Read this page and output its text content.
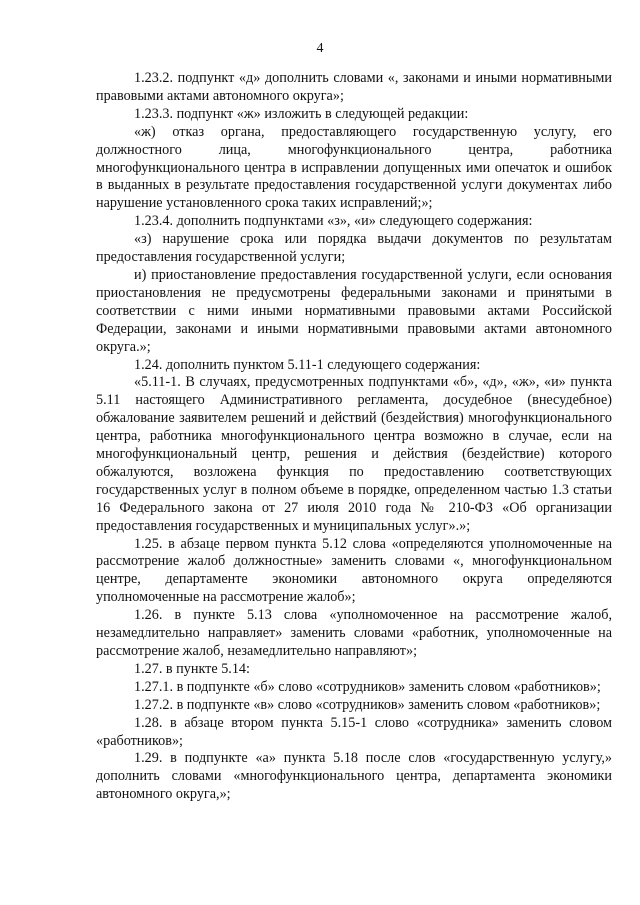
4

1.23.2. подпункт «д» дополнить словами «, законами и иными нормативными правовыми актами автономного округа»;

1.23.3. подпункт «ж» изложить в следующей редакции:

«ж) отказ органа, предоставляющего государственную услугу, его должностного лица, многофункционального центра, работника многофункционального центра в исправлении допущенных ими опечаток и ошибок в выданных в результате предоставления государственной услуги документах либо нарушение установленного срока таких исправлений;»;

1.23.4. дополнить подпунктами «з», «и» следующего содержания:

«з) нарушение срока или порядка выдачи документов по результатам предоставления государственной услуги;

и) приостановление предоставления государственной услуги, если основания приостановления не предусмотрены федеральными законами и принятыми в соответствии с ними иными нормативными правовыми актами Российской Федерации, законами и иными нормативными правовыми актами автономного округа.»;

1.24. дополнить пунктом 5.11-1 следующего содержания:

«5.11-1. В случаях, предусмотренных подпунктами «б», «д», «ж», «и» пункта 5.11 настоящего Административного регламента, досудебное (внесудебное) обжалование заявителем решений и действий (бездействия) многофункционального центра, работника многофункционального центра возможно в случае, если на многофункциональный центр, решения и действия (бездействие) которого обжалуются, возложена функция по предоставлению соответствующих государственных услуг в полном объеме в порядке, определенном частью 1.3 статьи 16 Федерального закона от 27 июля 2010 года № 210-ФЗ «Об организации предоставления государственных и муниципальных услуг».»;

1.25. в абзаце первом пункта 5.12 слова «определяются уполномоченные на рассмотрение жалоб должностные» заменить словами «, многофункциональном центре, департаменте экономики автономного округа определяются уполномоченные на рассмотрение жалоб»;

1.26. в пункте 5.13 слова «уполномоченное на рассмотрение жалоб, незамедлительно направляет» заменить словами «работник, уполномоченные на рассмотрение жалоб, незамедлительно направляют»;

1.27. в пункте 5.14:

1.27.1. в подпункте «б» слово «сотрудников» заменить словом «работников»;

1.27.2. в подпункте «в» слово «сотрудников» заменить словом «работников»;

1.28. в абзаце втором пункта 5.15-1 слово «сотрудника» заменить словом «работников»;

1.29. в подпункте «а» пункта 5.18 после слов «государственную услугу,» дополнить словами «многофункционального центра, департамента экономики автономного округа,»;
